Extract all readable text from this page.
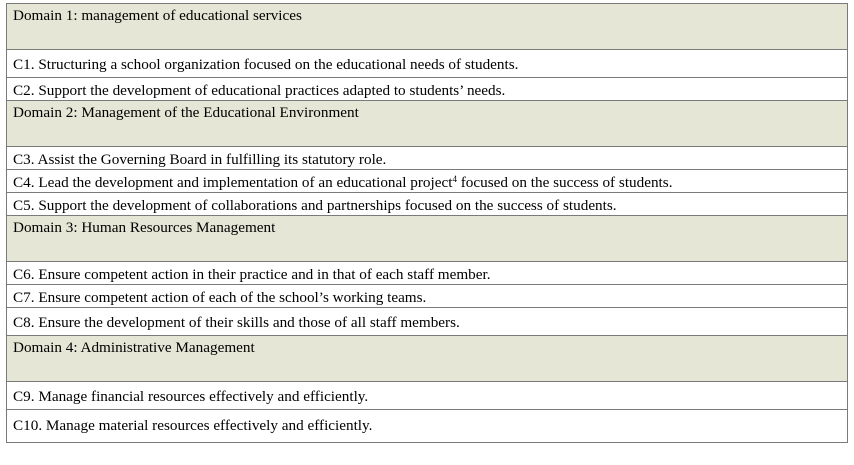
Domain 1: management of educational services
C1. Structuring a school organization focused on the educational needs of students.
C2. Support the development of educational practices adapted to students’ needs.
Domain 2: Management of the Educational Environment
C3. Assist the Governing Board in fulfilling its statutory role.
C4. Lead the development and implementation of an educational project$^4$ focused on the success of students.
C5. Support the development of collaborations and partnerships focused on the success of students.
Domain 3: Human Resources Management
C6. Ensure competent action in their practice and in that of each staff member.
C7. Ensure competent action of each of the school’s working teams.
C8. Ensure the development of their skills and those of all staff members.
Domain 4: Administrative Management
C9. Manage financial resources effectively and efficiently.
C10. Manage material resources effectively and efficiently.
